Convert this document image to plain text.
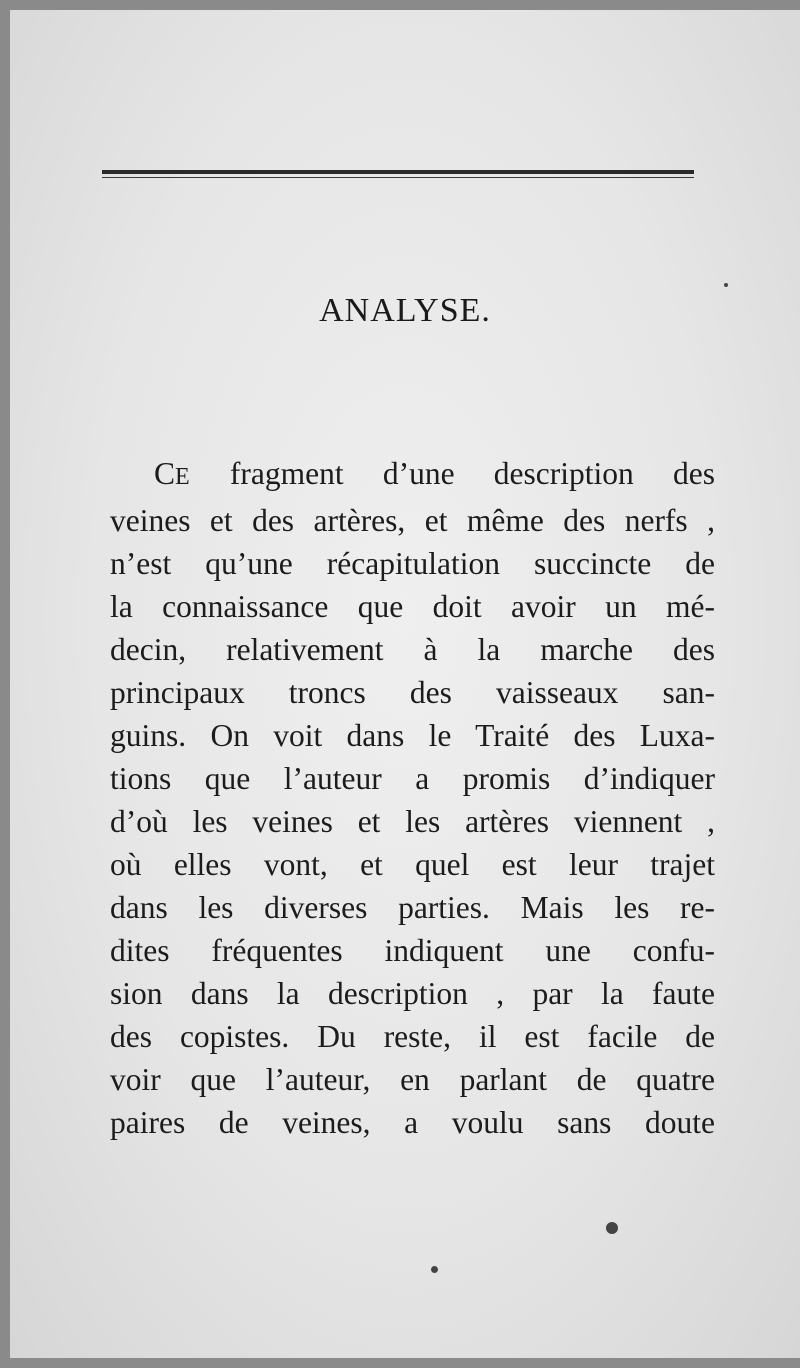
ANALYSE.
CE fragment d’une description des
veines et des artères, et même des nerfs ,
n’est qu’une récapitulation succincte de
la connaissance que doit avoir un mé-
decin, relativement à la marche des
principaux troncs des vaisseaux san-
guins. On voit dans le Traité des Luxa-
tions que l’auteur a promis d’indiquer
d’où les veines et les artères viennent ,
où elles vont, et quel est leur trajet
dans les diverses parties. Mais les re-
dites fréquentes indiquent une confu-
sion dans la description , par la faute
des copistes. Du reste, il est facile de
voir que l’auteur, en parlant de quatre
paires de veines, a voulu sans doute
